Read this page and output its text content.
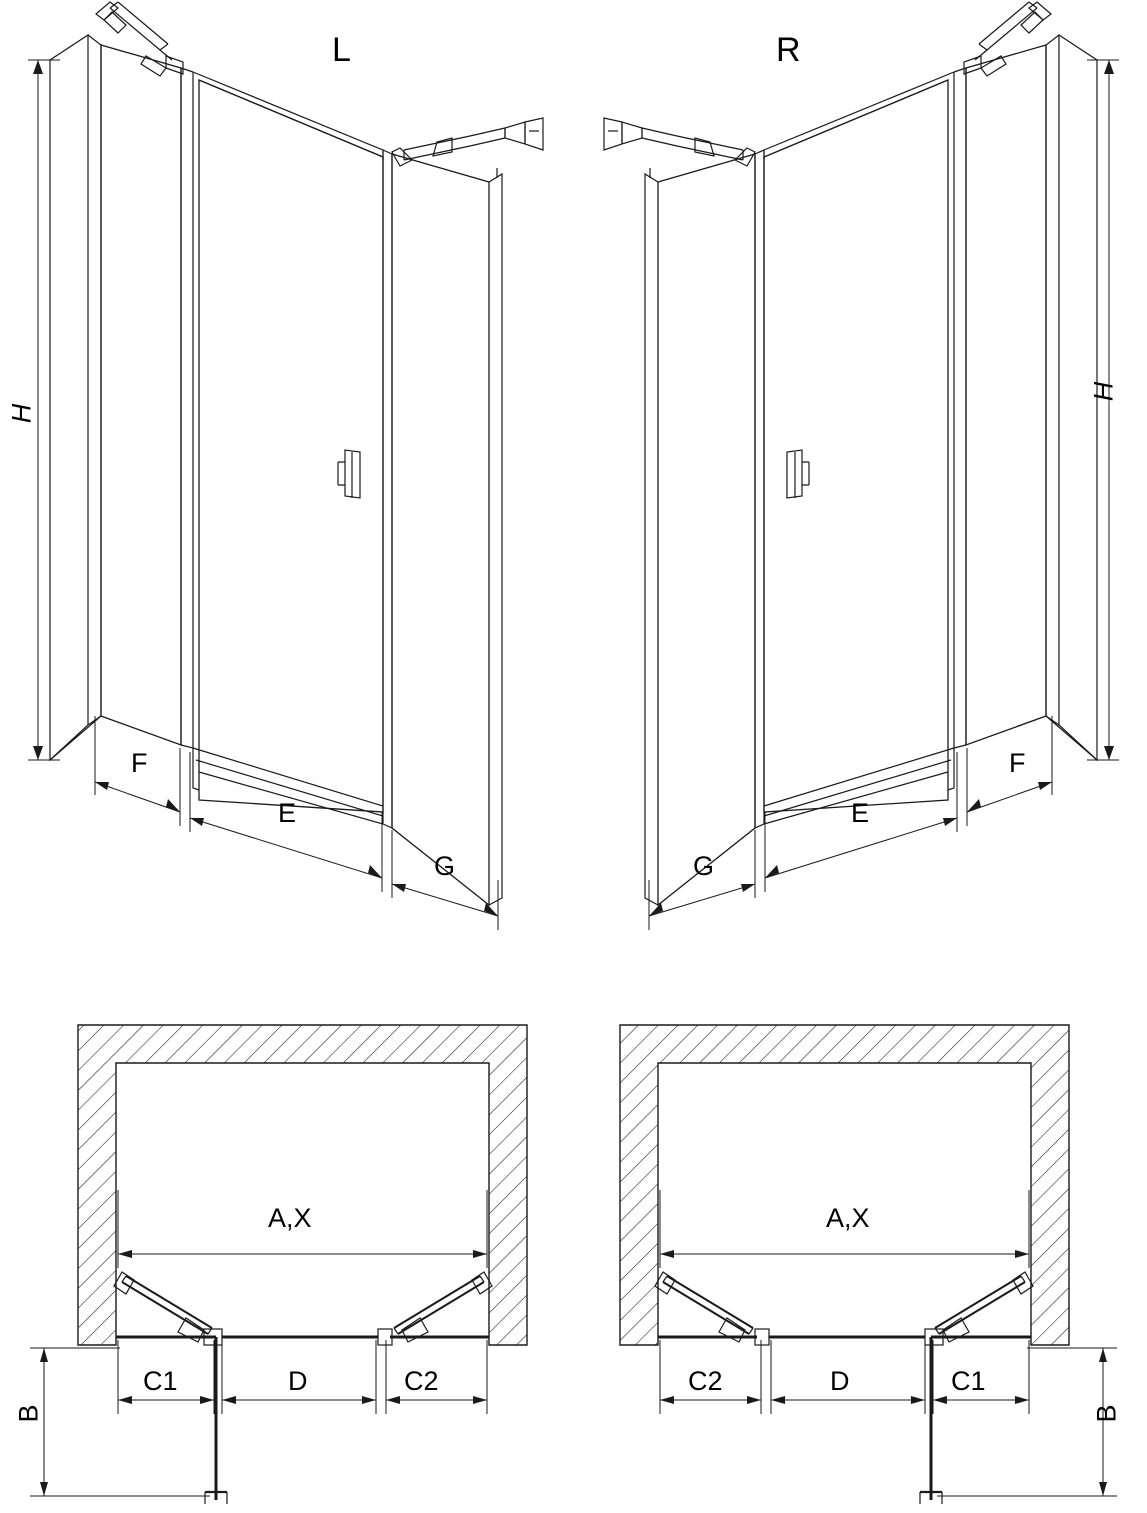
L	R
H
H
F
E
G
F
E
G
A,X	A,X
C1	D	C2
B
C2	D	C1
B
